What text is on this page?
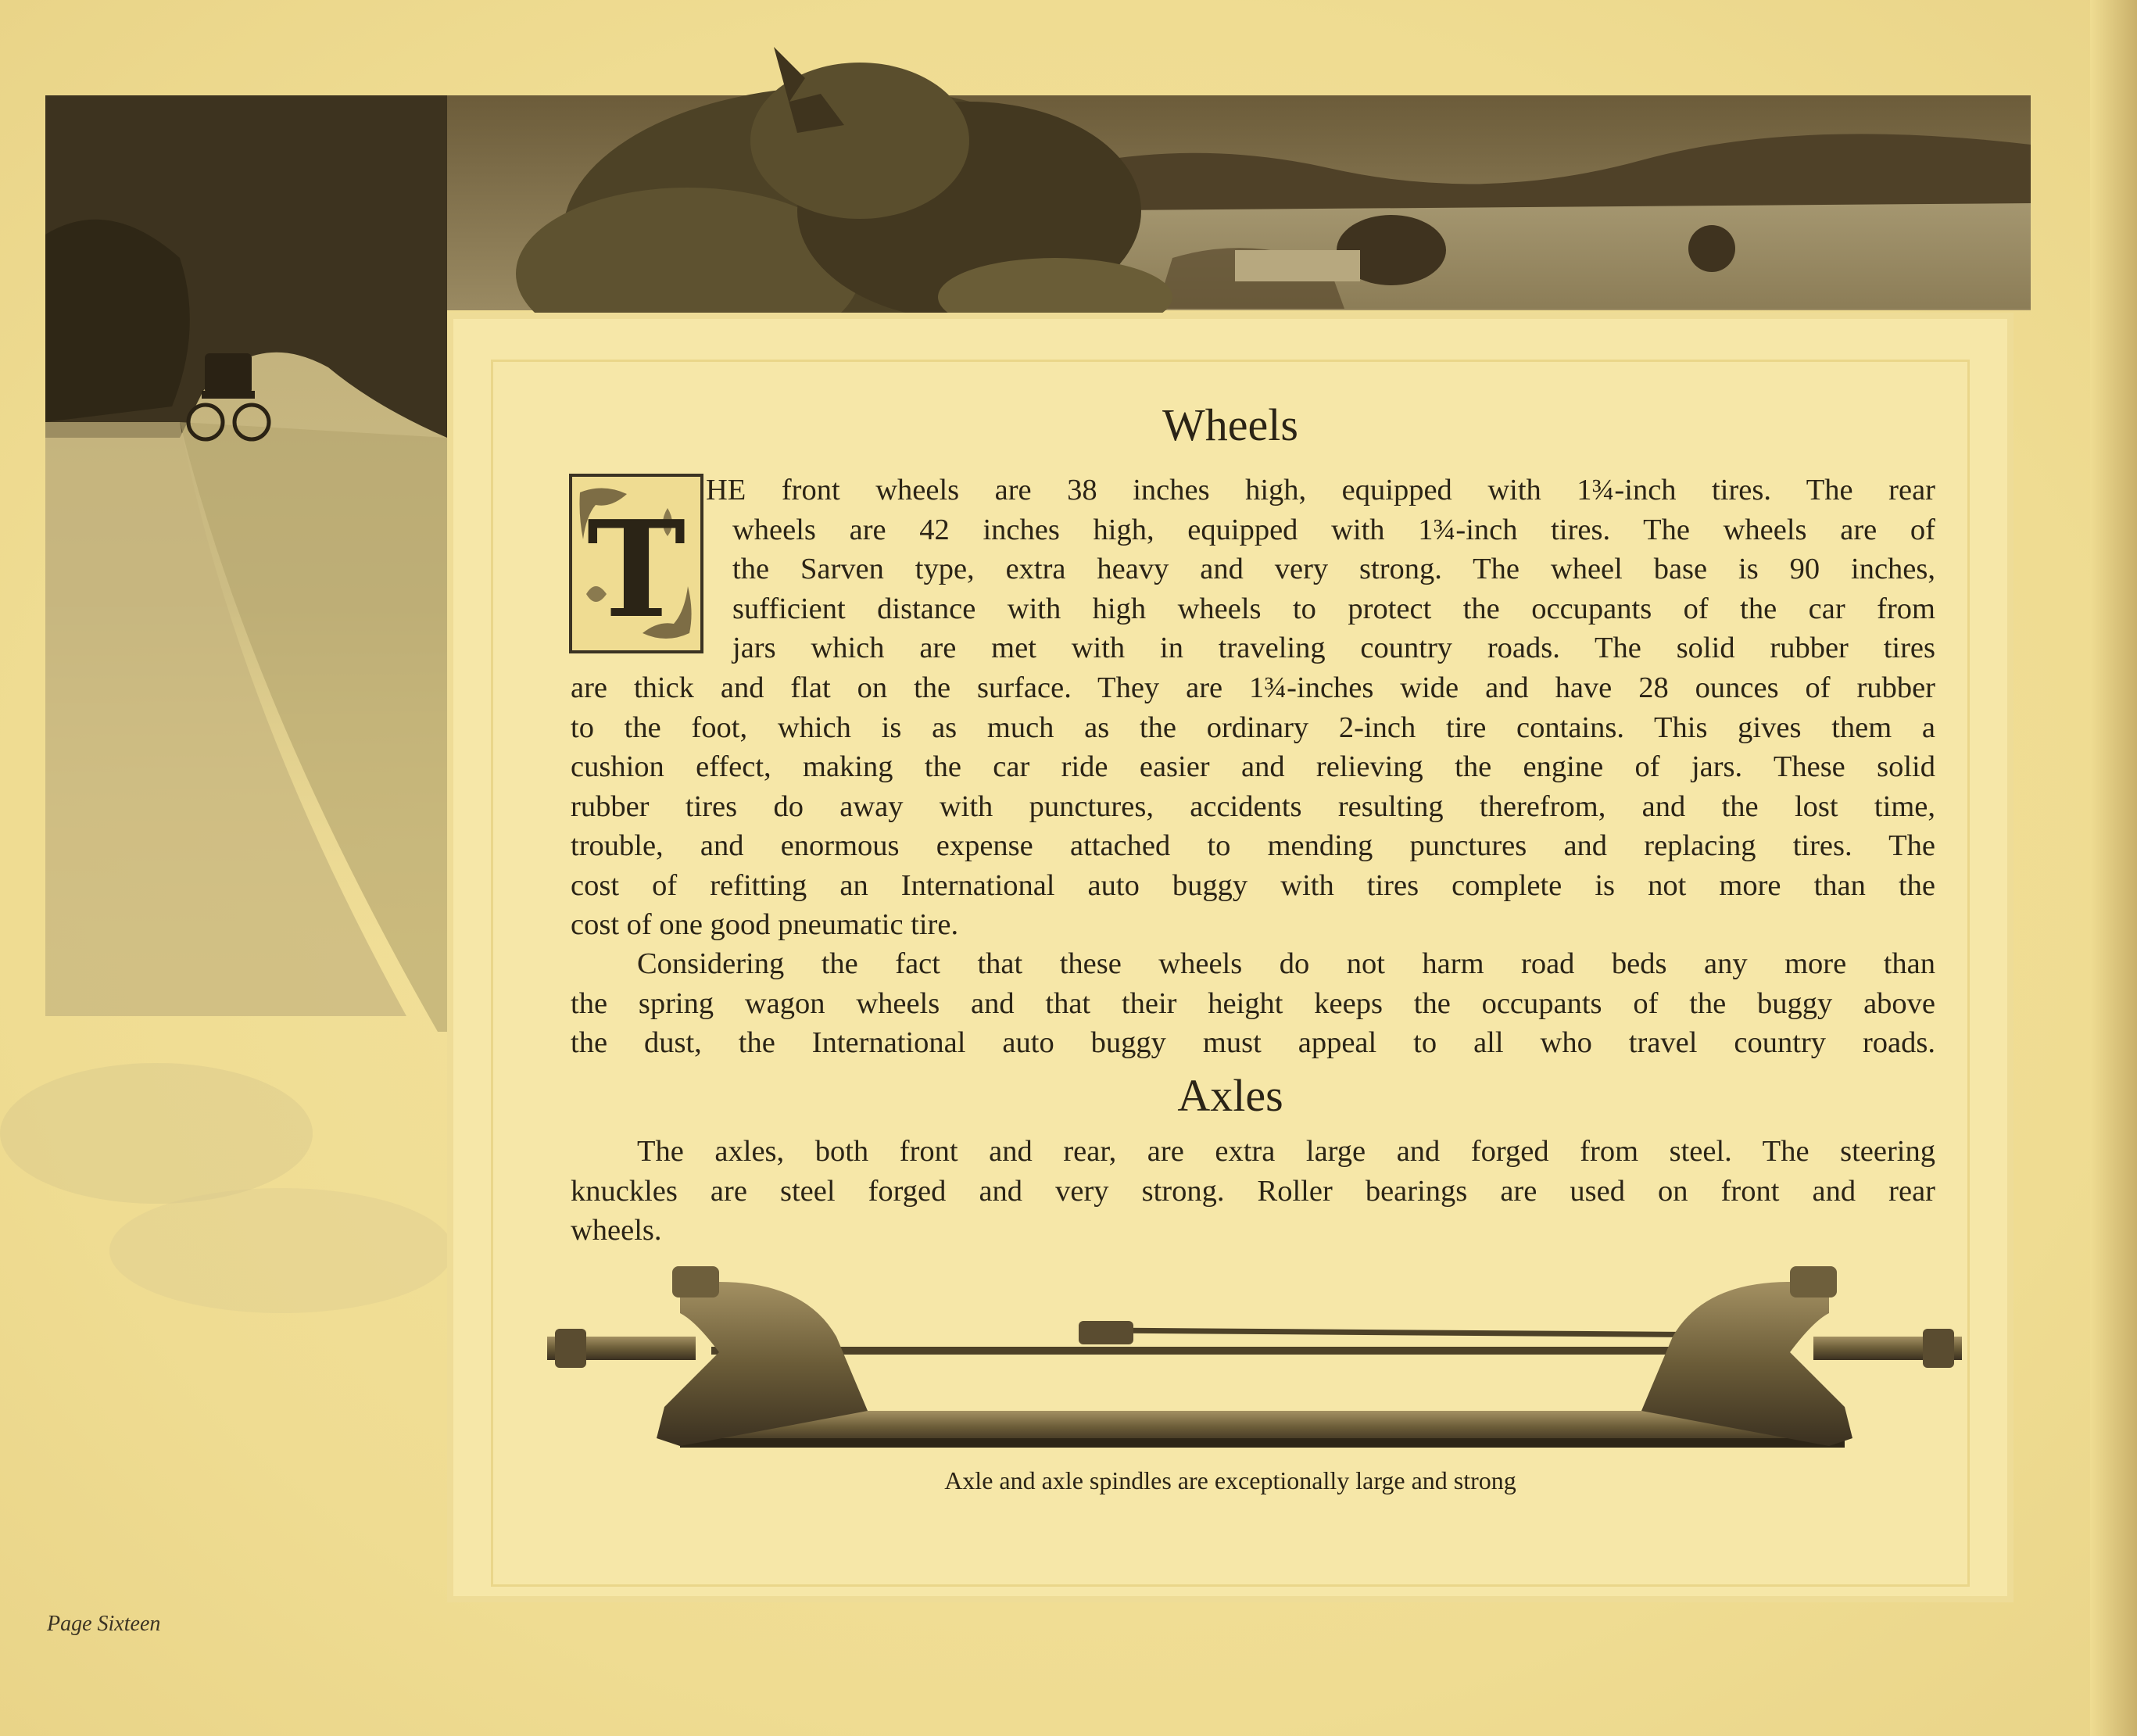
Wheels
T
HE front wheels are 38 inches high, equipped with 1¾-inch tires. The rear
wheels are 42 inches high, equipped with 1¾-inch tires. The wheels are of
the Sarven type, extra heavy and very strong. The wheel base is 90 inches,
sufficient distance with high wheels to protect the occupants of the car from
jars which are met with in traveling country roads. The solid rubber tires
are thick and flat on the surface. They are 1¾-inches wide and have 28 ounces of rubber
to the foot, which is as much as the ordinary 2-inch tire contains. This gives them a
cushion effect, making the car ride easier and relieving the engine of jars. These solid
rubber tires do away with punctures, accidents resulting therefrom, and the lost time,
trouble, and enormous expense attached to mending punctures and replacing tires. The
cost of refitting an International auto buggy with tires complete is not more than the
cost of one good pneumatic tire.
Considering the fact that these wheels do not harm road beds any more than
the spring wagon wheels and that their height keeps the occupants of the buggy above
the dust, the International auto buggy must appeal to all who travel country roads.
Axles
The axles, both front and rear, are extra large and forged from steel. The steering
knuckles are steel forged and very strong. Roller bearings are used on front and rear
wheels.

Axle and axle spindles are exceptionally large and strong

Page Sixteen
